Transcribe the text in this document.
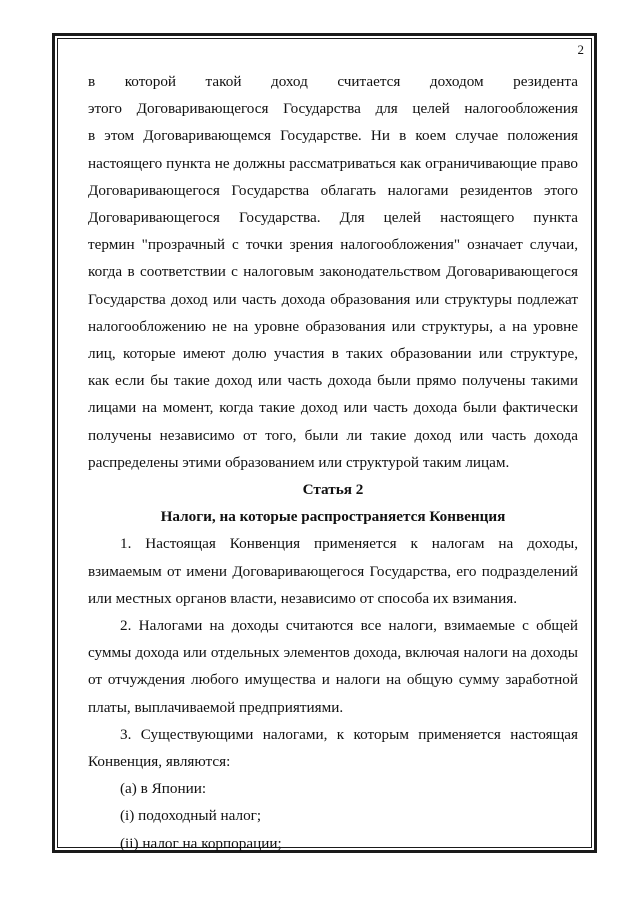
2

в которой такой доход считается доходом резидента

этого Договаривающегося Государства для целей налогообложения

в этом Договаривающемся Государстве. Ни в коем случае положения

настоящего пункта не должны рассматриваться как ограничивающие право

Договаривающегося Государства облагать налогами резидентов этого

Договаривающегося Государства. Для целей настоящего пункта

термин "прозрачный с точки зрения налогообложения" означает случаи,

когда в соответствии с налоговым законодательством Договаривающегося

Государства доход или часть дохода образования или структуры подлежат

налогообложению не на уровне образования или структуры, а на уровне

лиц, которые имеют долю участия в таких образовании или структуре,

как если бы такие доход или часть дохода были прямо получены такими

лицами на момент, когда такие доход или часть дохода были фактически

получены независимо от того, были ли такие доход или часть дохода

распределены этими образованием или структурой таким лицам.

Статья 2

Налоги, на которые распространяется Конвенция

1. Настоящая Конвенция применяется к налогам на доходы,

взимаемым от имени Договаривающегося Государства, его подразделений

или местных органов власти, независимо от способа их взимания.

2. Налогами на доходы считаются все налоги, взимаемые с общей

суммы дохода или отдельных элементов дохода, включая налоги на доходы

от отчуждения любого имущества и налоги на общую сумму заработной

платы, выплачиваемой предприятиями.

3. Существующими налогами, к которым применяется настоящая

Конвенция, являются:

(a) в Японии:

(i) подоходный налог;

(ii) налог на корпорации;
